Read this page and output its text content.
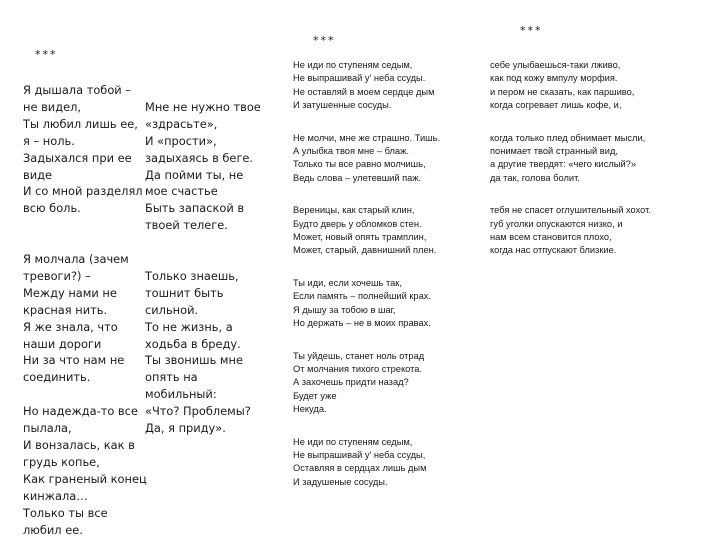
***
***
***
Я дышала тобой –
не видел,	Мне не нужно твое
Ты любил лишь ее, «здрасьте»,
я – ноль.	И «прости»,
Задыхался при ее	задыхаясь в беге.
виде	Да пойми ты, не
И со мной разделял мое счастье
всю боль.	Быть запаской в
твоей телеге.
Я молчала (зачем
тревоги?) –	Только знаешь,
Между нами не	тошнит быть
красная нить.	сильной.
Я же знала, что	То не жизнь, а
наши дороги	ходьба в бреду.
Ни за что нам не	Ты звонишь мне
соединить.	опять на
мобильный:
Но надежда-то все «Что? Проблемы?
пылала,	Да, я приду».
И вонзалась, как в
грудь копье,
Как граненый конец
кинжала…
Только ты все
любил ее.
Не иди по ступеням седым,
Не выпрашивай у' неба ссуды.
Не оставляй в моем сердце дым
И затушенные сосуды.
Не молчи, мне же страшно. Тишь.
А улыбка твоя мне – блаж.
Только ты все равно молчишь,
Ведь слова – улетевший паж.
Вереницы, как старый клин,
Будто дверь у обломков стен.
Может, новый опять трамплин,
Может, старый, давнишний плен.
Ты иди, если хочешь так,
Если память – полнейший крах.
Я дышу за тобою в шаг,
Но держать – не в моих правах.
Ты уйдешь, станет ноль отрад
От молчания тихого стрекота.
А захочешь придти назад?
Будет уже
Некуда.
Не иди по ступеням седым,
Не выпрашивай у' неба ссуды,
Оставляя в сердцах лишь дым
И задушеные сосуды.
себе улыбаешься-таки лживо,
как под кожу вмпулу морфия.
и пером не сказать, как паршиво,
когда согревает лишь кофе, и,
когда только плед обнимает мысли,
понимает твой странный вид,
а другие твердят: «чего кислый?»
да так, голова болит.
тебя не спасет оглушительный хохот.
губ уголки опускаются низко, и
нам всем становится плохо,
когда нас отпускают близкие.
